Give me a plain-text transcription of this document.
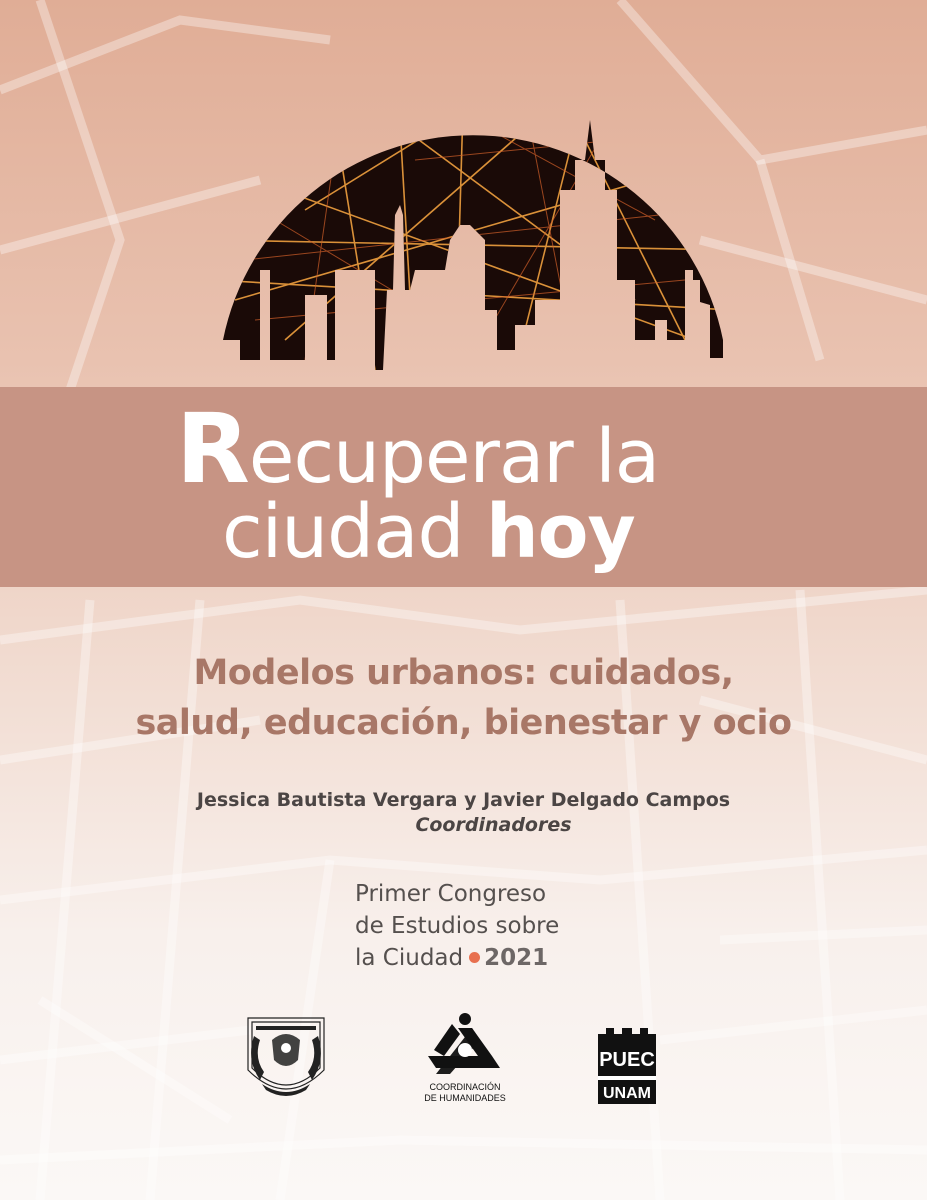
Recuperar la
ciudad hoy
Modelos urbanos: cuidados,
salud, educación, bienestar y ocio
Jessica Bautista Vergara y Javier Delgado Campos
Coordinadores
Primer Congreso
de Estudios sobre
la Ciudad 2021
COORDINACIÓN
DE HUMANIDADES
PUEC
UNAM
